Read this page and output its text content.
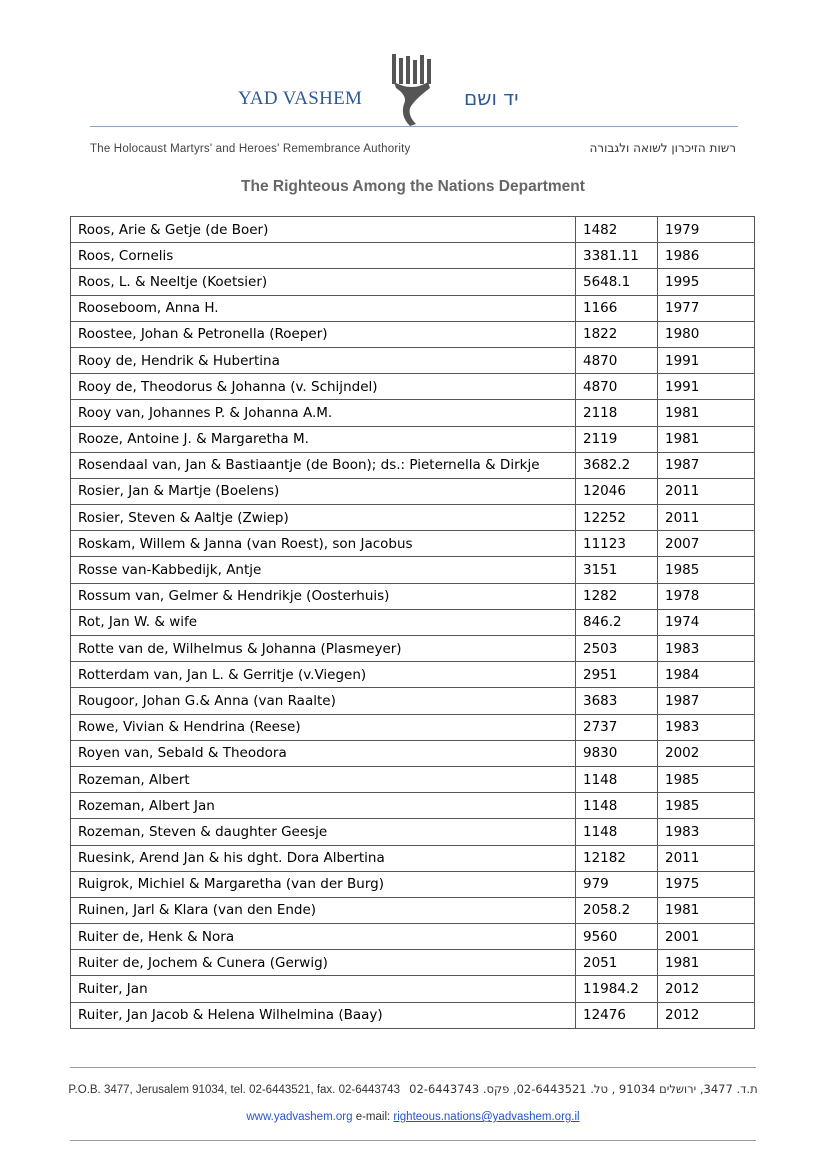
YAD VASHEM	יד ושם
The Holocaust Martyrs' and Heroes' Remembrance Authority	רשות הזיכרון לשואה ולגבורה
The Righteous Among the Nations Department
Roos, Arie & Getje (de Boer)	1482	1979
Roos, Cornelis	3381.11	1986
Roos, L. & Neeltje (Koetsier)	5648.1	1995
Rooseboom, Anna H.	1166	1977
Roostee, Johan & Petronella (Roeper)	1822	1980
Rooy de, Hendrik & Hubertina	4870	1991
Rooy de, Theodorus & Johanna (v. Schijndel)	4870	1991
Rooy van, Johannes P. & Johanna A.M.	2118	1981
Rooze, Antoine J. & Margaretha M.	2119	1981
Rosendaal van, Jan & Bastiaantje (de Boon); ds.: Pieternella & Dirkje	3682.2	1987
Rosier, Jan & Martje (Boelens)	12046	2011
Rosier, Steven & Aaltje (Zwiep)	12252	2011
Roskam, Willem & Janna (van Roest), son Jacobus	11123	2007
Rosse van-Kabbedijk, Antje	3151	1985
Rossum van, Gelmer & Hendrikje (Oosterhuis)	1282	1978
Rot, Jan W. & wife	846.2	1974
Rotte van de, Wilhelmus & Johanna (Plasmeyer)	2503	1983
Rotterdam van, Jan L. & Gerritje (v.Viegen)	2951	1984
Rougoor, Johan G.& Anna (van Raalte)	3683	1987
Rowe, Vivian & Hendrina (Reese)	2737	1983
Royen van, Sebald & Theodora	9830	2002
Rozeman, Albert	1148	1985
Rozeman, Albert Jan	1148	1985
Rozeman, Steven & daughter Geesje	1148	1983
Ruesink, Arend Jan & his dght. Dora Albertina	12182	2011
Ruigrok, Michiel & Margaretha (van der Burg)	979	1975
Ruinen, Jarl & Klara (van den Ende)	2058.2	1981
Ruiter de, Henk & Nora	9560	2001
Ruiter de, Jochem & Cunera (Gerwig)	2051	1981
Ruiter, Jan	11984.2	2012
Ruiter, Jan Jacob & Helena Wilhelmina (Baay)	12476	2012
P.O.B. 3477, Jerusalem 91034, tel. 02-6443521, fax. 02-6443743 ת.ד. 3477, ירושלים 91034 , טל. 02-6443521, פקס. 02-6443743
www.yadvashem.org e-mail: righteous.nations@yadvashem.org.il
